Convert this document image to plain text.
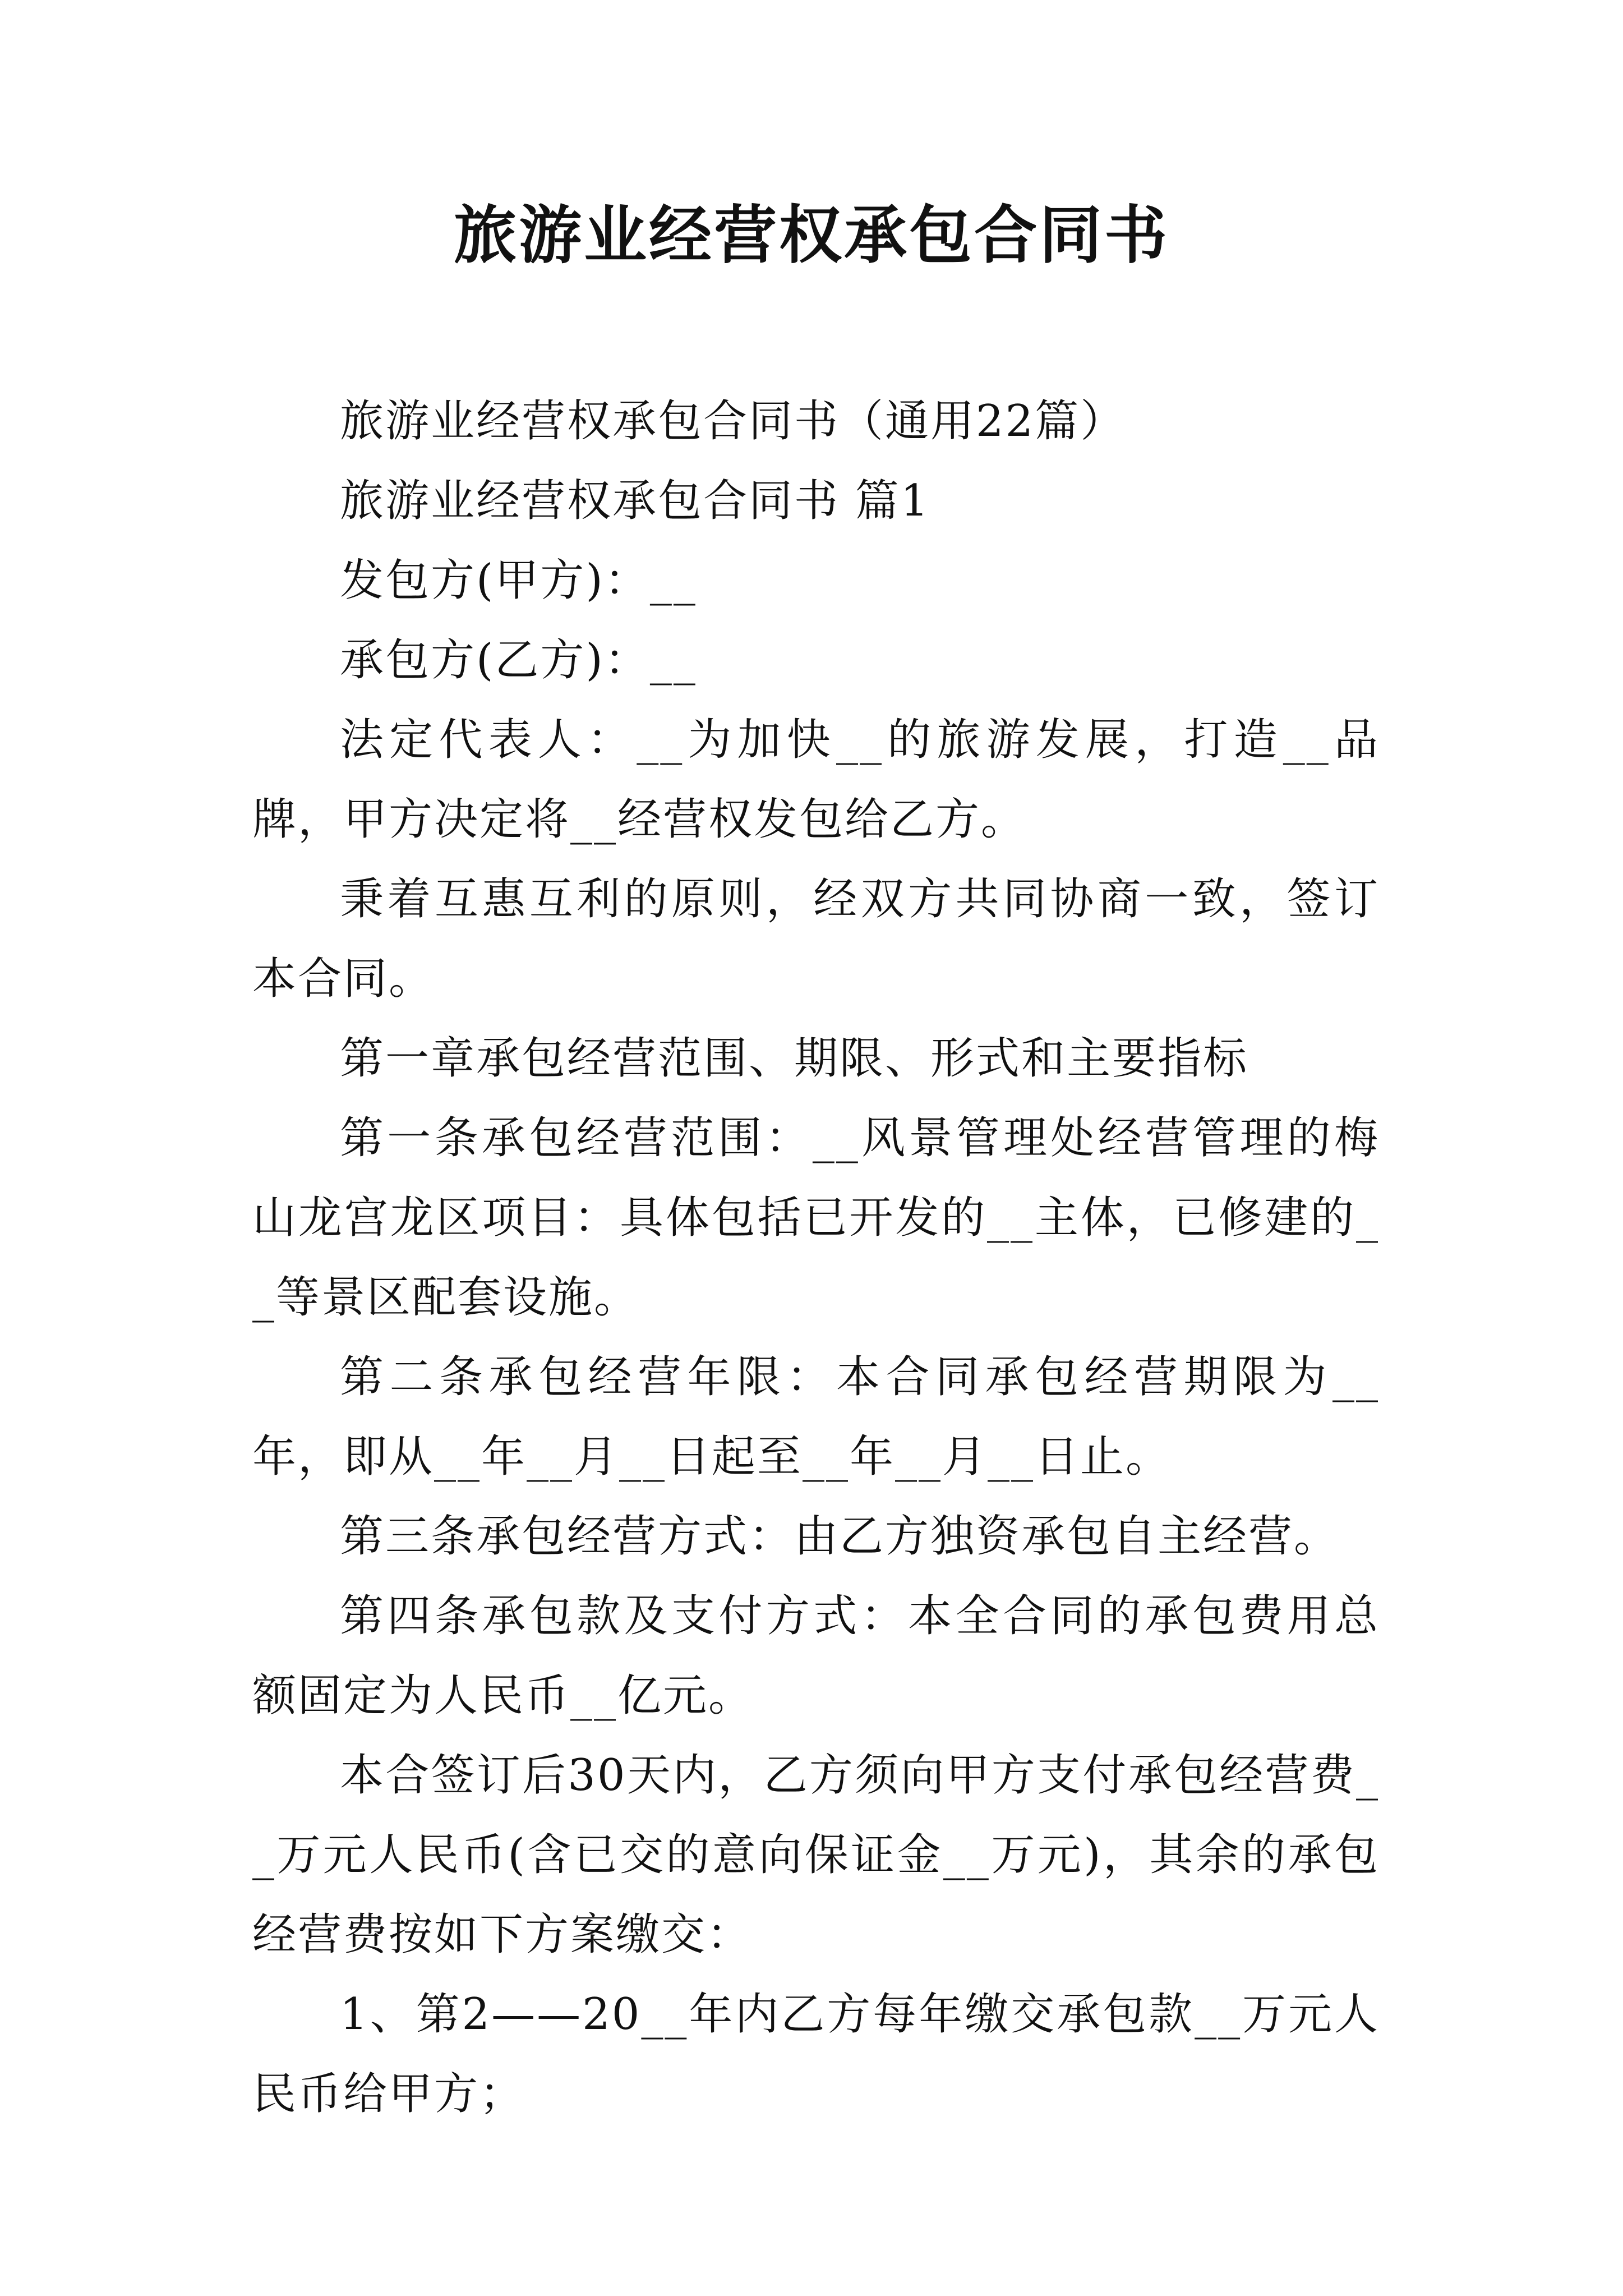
旅游业经营权承包合同书

旅游业经营权承包合同书（通用22篇）

旅游业经营权承包合同书 篇1

发包方(甲方)：__

承包方(乙方)：__

法定代表人：__为加快__的旅游发展，打造__品牌，甲方决定将__经营权发包给乙方。

秉着互惠互利的原则，经双方共同协商一致，签订本合同。

第一章承包经营范围、期限、形式和主要指标

第一条承包经营范围：__风景管理处经营管理的梅山龙宫龙区项目：具体包括已开发的__主体，已修建的__等景区配套设施。

第二条承包经营年限：本合同承包经营期限为__年，即从__年__月__日起至__年__月__日止。

第三条承包经营方式：由乙方独资承包自主经营。

第四条承包款及支付方式：本全合同的承包费用总额固定为人民币__亿元。

本合签订后30天内，乙方须向甲方支付承包经营费__万元人民币(含已交的意向保证金__万元)，其余的承包经营费按如下方案缴交：

1、第2——20__年内乙方每年缴交承包款__万元人民币给甲方；
